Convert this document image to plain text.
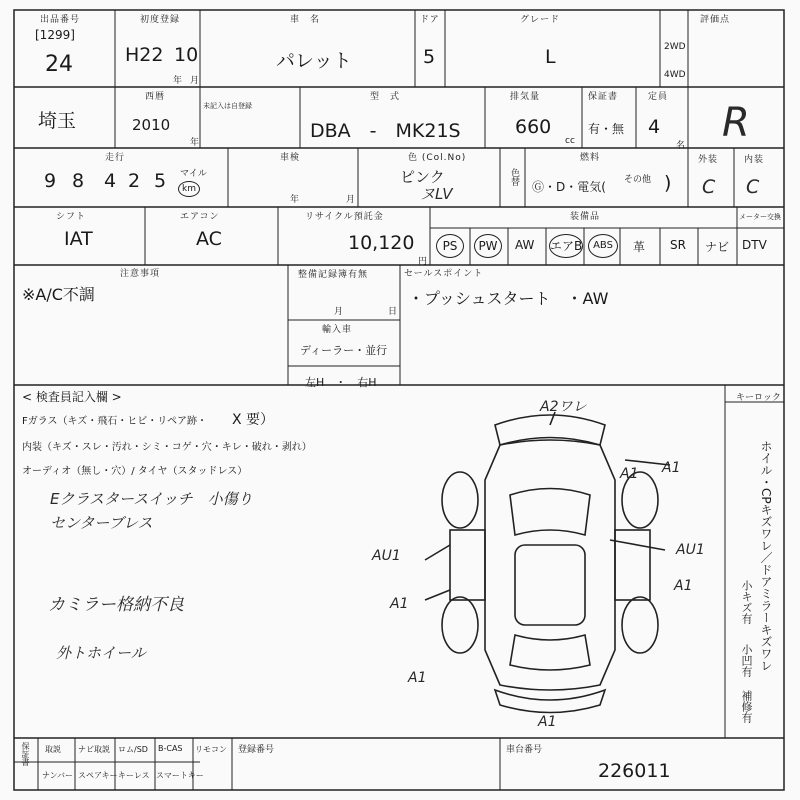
出品番号
[1299]
24
初度登録
H22 10
年 月
車　名
パレット
ドア
5
グレード
L	2WD
4WD
評価点
埼玉
西暦
2010
年
未記入は自登録
型　式
DBA　-　MK21S
排気量
660
cc
保証書
有・無
定員
4
名 R
走行
9 8 4 2 5 マイル
km
車検
年	月
色 (Col.No)
ピンク
ヌLV
色替
燃料
Ⓖ・D・電気( その他 )
外装
C
内装
C
シフト
IAT
エアコン
AC
リサイクル預託金
10,120
円
装備品	メーター交換
PS	PW	AW エアB	ABS	革 SR ナビ DTV
注意事項
※A/C不調
整備記録簿有無
月	日
輸入車
ディーラー・並行
左H　・　右H
セールスポイント
・プッシュスタート　・AW
< 検査員記入欄 >
Fガラス（キズ・飛石・ヒビ・リペア跡・ X 要）
内装（キズ・スレ・汚れ・シミ・コゲ・穴・キレ・破れ・剥れ）
オーディオ（無し・穴）/ タイヤ（スタッドレス）
Eクラスタースイッチ　小傷り
センターブレス
カミラー格納不良
外トホイール
キーロック
ホイル・CPキズワレ／ドアミラーキズワレ
小キズ有
小凹有
補修有
A2ワレ
A1
A1
AU1	AU1
A1
A1
A1
A1
保証書 取説 ナビ取説 ロム/SD B-CAS リモコン
ナンバー スペアキー キーレス スマートキー
登録番号	車台番号
226011
